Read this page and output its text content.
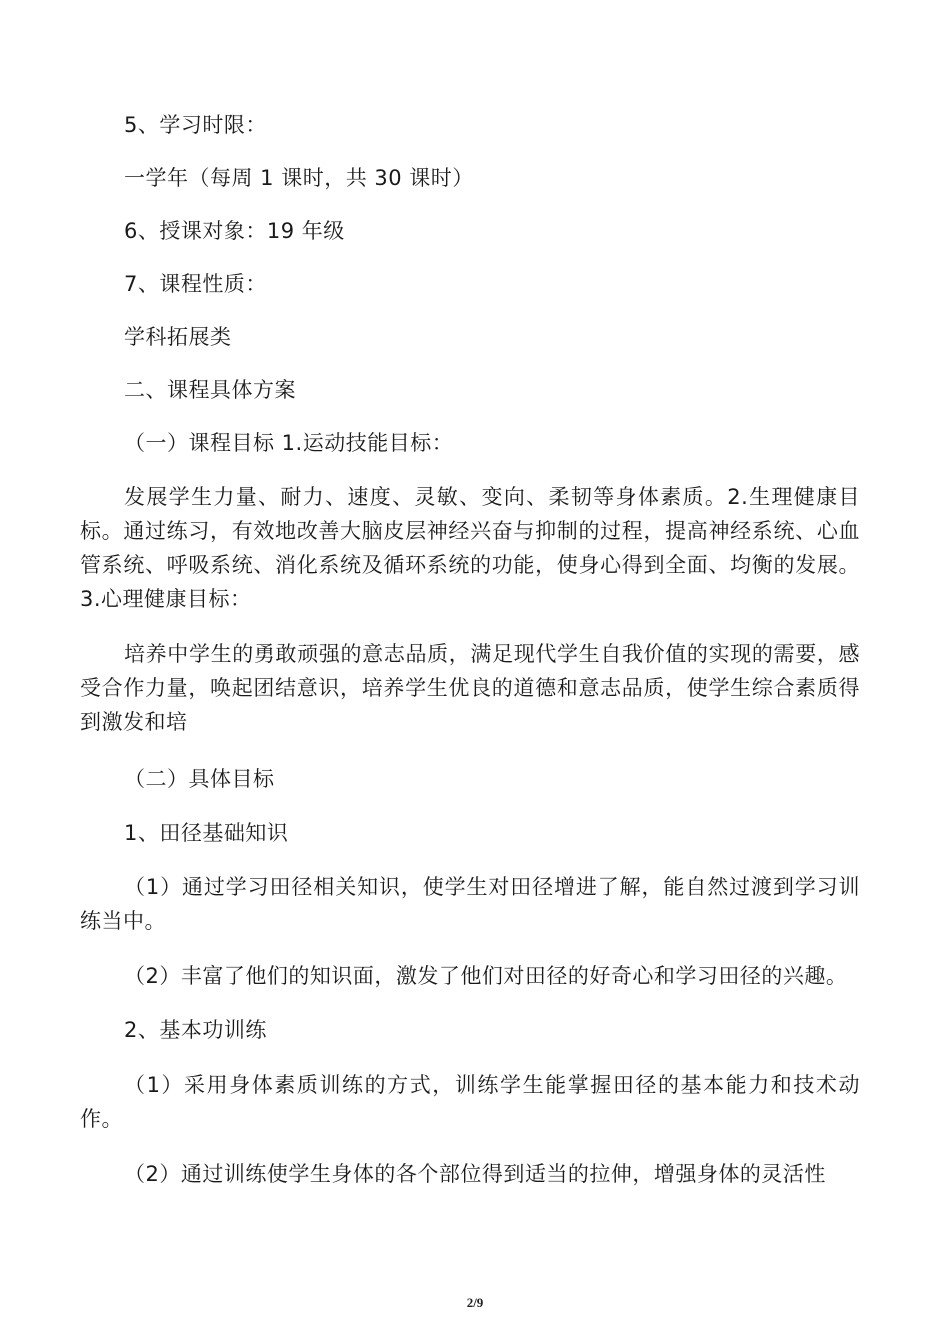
5、学习时限：

一学年（每周 1 课时，共 30 课时）

6、授课对象：19 年级

7、课程性质：

学科拓展类

二、课程具体方案

（一）课程目标 1.运动技能目标：

发展学生力量、耐力、速度、灵敏、变向、柔韧等身体素质。2.生理健康目标。通过练习，有效地改善大脑皮层神经兴奋与抑制的过程，提高神经系统、心血管系统、呼吸系统、消化系统及循环系统的功能，使身心得到全面、均衡的发展。3.心理健康目标：

培养中学生的勇敢顽强的意志品质，满足现代学生自我价值的实现的需要，感受合作力量，唤起团结意识，培养学生优良的道德和意志品质，使学生综合素质得到激发和培

（二）具体目标

1、田径基础知识

（1）通过学习田径相关知识，使学生对田径增进了解，能自然过渡到学习训练当中。

（2）丰富了他们的知识面，激发了他们对田径的好奇心和学习田径的兴趣。

2、基本功训练

（1）采用身体素质训练的方式，训练学生能掌握田径的基本能力和技术动作。

（2）通过训练使学生身体的各个部位得到适当的拉伸，增强身体的灵活性

2/9
